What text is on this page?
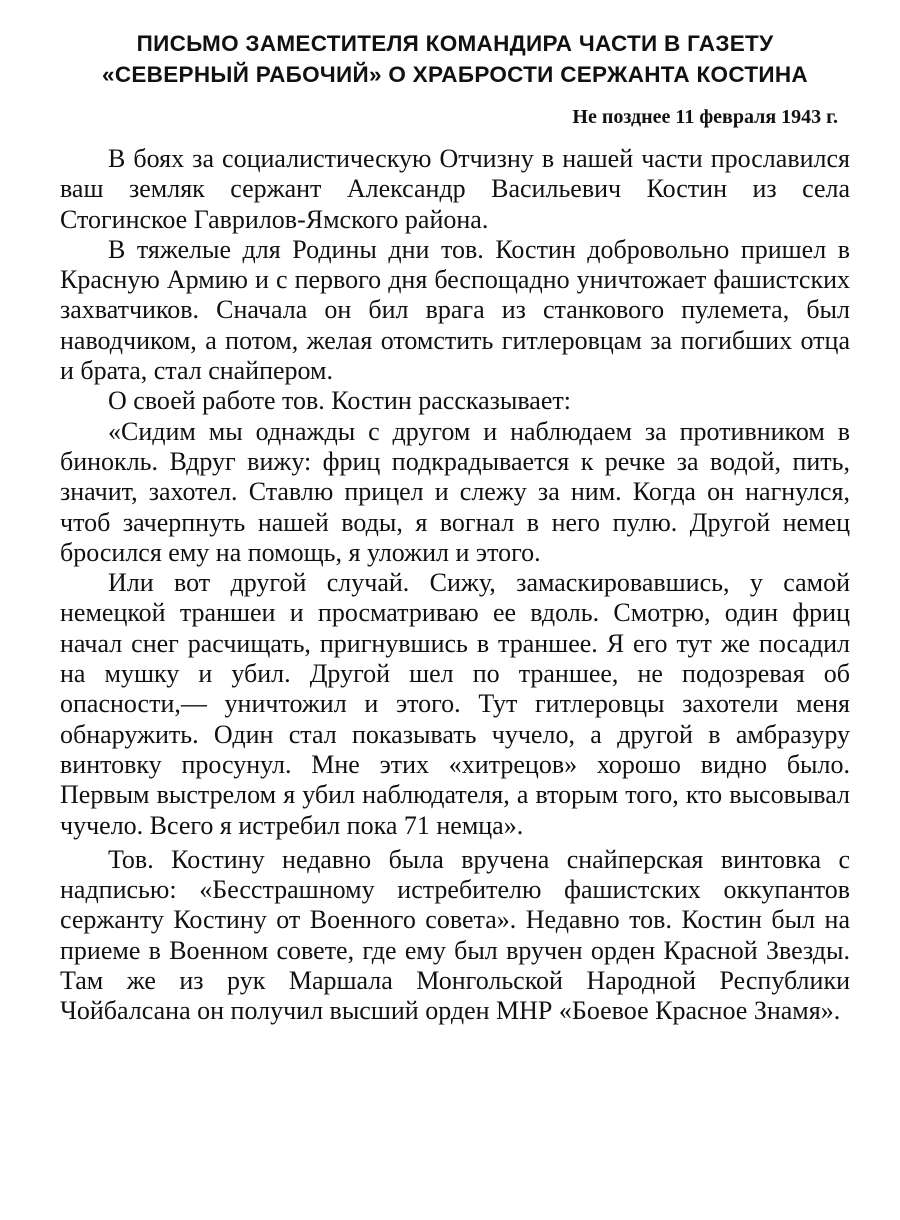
ПИСЬМО ЗАМЕСТИТЕЛЯ КОМАНДИРА ЧАСТИ В ГАЗЕТУ
«СЕВЕРНЫЙ РАБОЧИЙ» О ХРАБРОСТИ СЕРЖАНТА КОСТИНА
Не позднее 11 февраля 1943 г.

В боях за социалистическую Отчизну в нашей части прославился ваш земляк сержант Александр Васильевич Костин из села Стогинское Гаврилов-Ямского района.

В тяжелые для Родины дни тов. Костин добровольно пришел в Красную Армию и с первого дня беспощадно уничтожает фашистских захватчиков. Сначала он бил врага из станкового пулемета, был наводчиком, а потом, желая отомстить гитлеровцам за погибших отца и брата, стал снайпером.

О своей работе тов. Костин рассказывает:

«Сидим мы однажды с другом и наблюдаем за противником в бинокль. Вдруг вижу: фриц подкрадывается к речке за водой, пить, значит, захотел. Ставлю прицел и слежу за ним. Когда он нагнулся, чтоб зачерпнуть нашей воды, я вогнал в него пулю. Другой немец бросился ему на помощь, я уложил и этого.

Или вот другой случай. Сижу, замаскировавшись, у самой немецкой траншеи и просматриваю ее вдоль. Смотрю, один фриц начал снег расчищать, пригнувшись в траншее. Я его тут же посадил на мушку и убил. Другой шел по траншее, не подозревая об опасности,— уничтожил и этого. Тут гитлеровцы захотели меня обнаружить. Один стал показывать чучело, а другой в амбразуру винтовку просунул. Мне этих «хитрецов» хорошо видно было. Первым выстрелом я убил наблюдателя, а вторым того, кто высовывал чучело. Всего я истребил пока 71 немца».

Тов. Костину недавно была вручена снайперская винтовка с надписью: «Бесстрашному истребителю фашистских оккупантов сержанту Костину от Военного совета». Недавно тов. Костин был на приеме в Военном совете, где ему был вручен орден Красной Звезды. Там же из рук Маршала Монгольской Народной Республики Чойбалсана он получил высший орден МНР «Боевое Красное Знамя».
